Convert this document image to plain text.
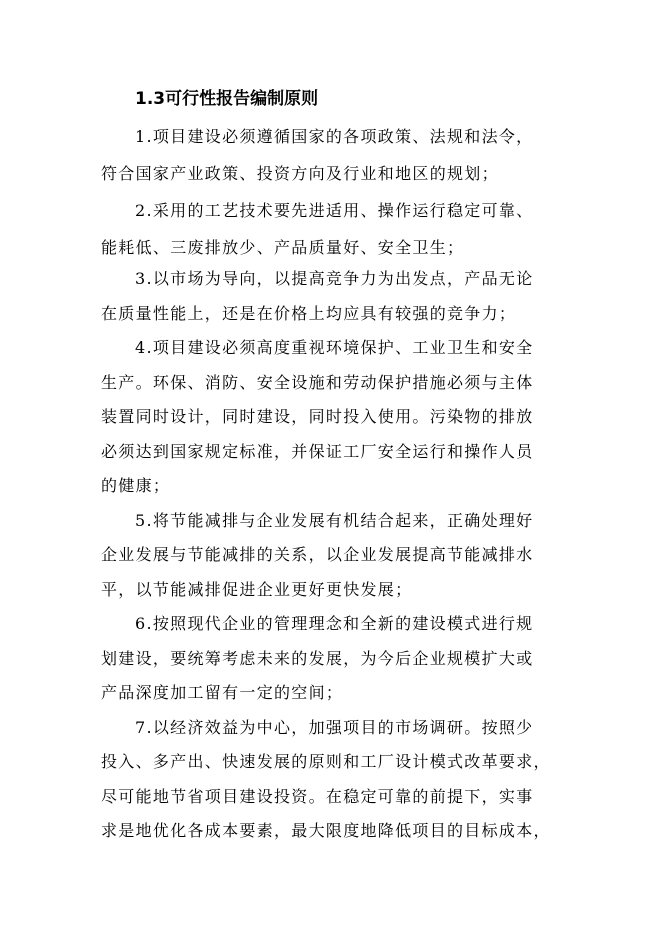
1.3可行性报告编制原则
1.项目建设必须遵循国家的各项政策、法规和法令，
符合国家产业政策、投资方向及行业和地区的规划；
2.采用的工艺技术要先进适用、操作运行稳定可靠、
能耗低、三废排放少、产品质量好、安全卫生；
3.以市场为导向，以提高竞争力为出发点，产品无论
在质量性能上，还是在价格上均应具有较强的竞争力；
4.项目建设必须高度重视环境保护、工业卫生和安全
生产。环保、消防、安全设施和劳动保护措施必须与主体
装置同时设计，同时建设，同时投入使用。污染物的排放
必须达到国家规定标准，并保证工厂安全运行和操作人员
的健康；
5.将节能减排与企业发展有机结合起来，正确处理好
企业发展与节能减排的关系，以企业发展提高节能减排水
平，以节能减排促进企业更好更快发展；
6.按照现代企业的管理理念和全新的建设模式进行规
划建设，要统筹考虑未来的发展，为今后企业规模扩大或
产品深度加工留有一定的空间；
7.以经济效益为中心，加强项目的市场调研。按照少
投入、多产出、快速发展的原则和工厂设计模式改革要求，
尽可能地节省项目建设投资。在稳定可靠的前提下，实事
求是地优化各成本要素，最大限度地降低项目的目标成本，
